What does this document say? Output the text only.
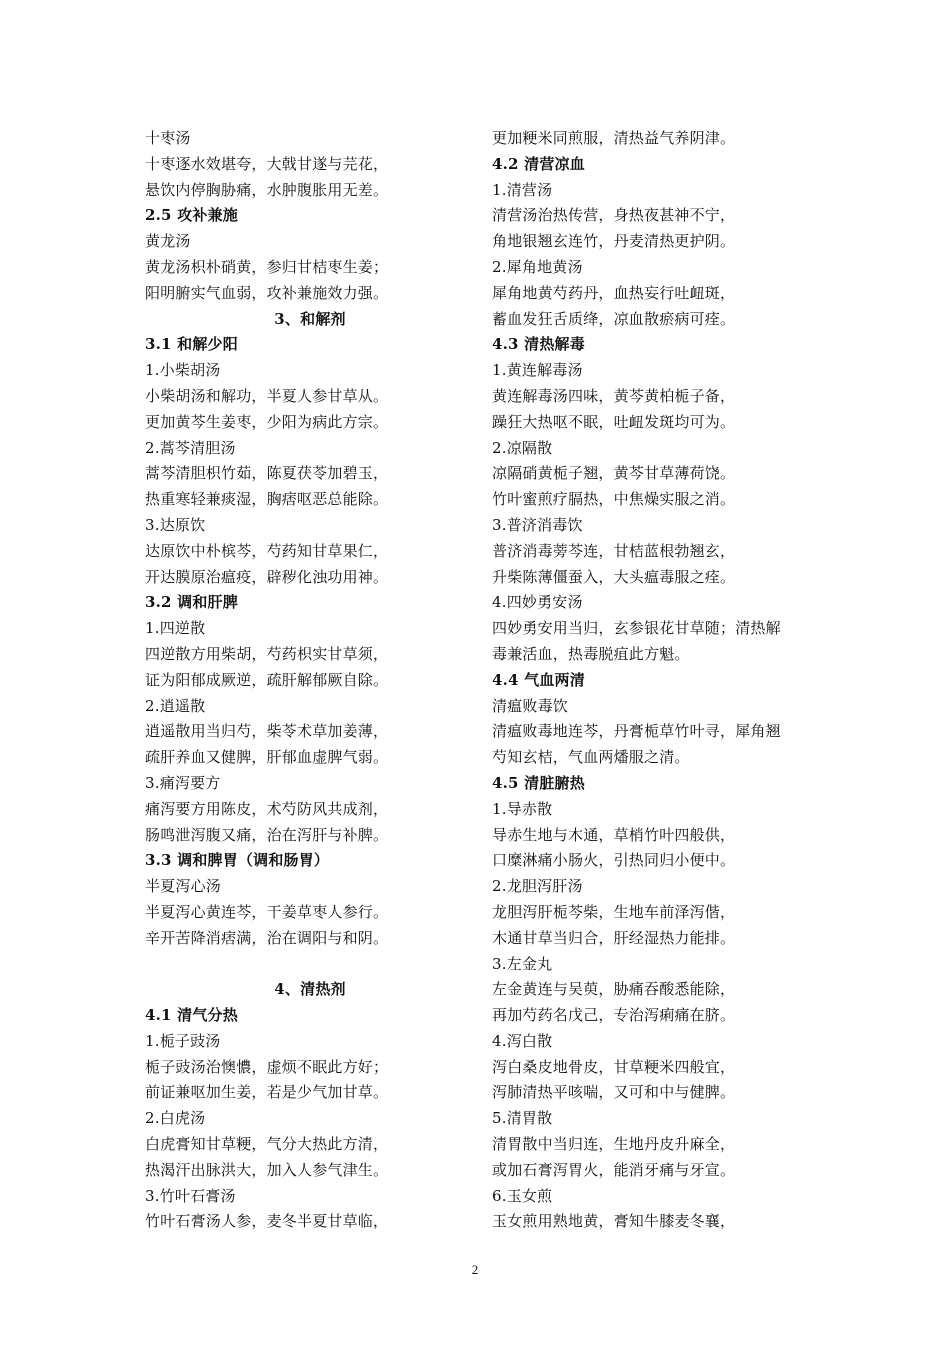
十枣汤
十枣逐水效堪夸，大戟甘遂与芫花，
悬饮内停胸胁痛，水肿腹胀用无差。
2.5 攻补兼施
黄龙汤
黄龙汤枳朴硝黄，参归甘桔枣生姜；
阳明腑实气血弱，攻补兼施效力强。
3、和解剂
3.1 和解少阳
1.小柴胡汤
小柴胡汤和解功，半夏人参甘草从。
更加黄芩生姜枣，少阳为病此方宗。
2.蒿芩清胆汤
蒿芩清胆枳竹茹，陈夏茯苓加碧玉，
热重寒轻兼痰湿，胸痞呕恶总能除。
3.达原饮
达原饮中朴槟芩，芍药知甘草果仁，
开达膜原治瘟疫，辟秽化浊功用神。
3.2 调和肝脾
1.四逆散
四逆散方用柴胡，芍药枳实甘草须，
证为阳郁成厥逆，疏肝解郁厥自除。
2.逍遥散
逍遥散用当归芍，柴苓术草加姜薄，
疏肝养血又健脾，肝郁血虚脾气弱。
3.痛泻要方
痛泻要方用陈皮，术芍防风共成剂，
肠鸣泄泻腹又痛，治在泻肝与补脾。
3.3 调和脾胃（调和肠胃）
半夏泻心汤
半夏泻心黄连芩，干姜草枣人参行。
辛开苦降消痞满，治在调阳与和阴。
4、清热剂
4.1 清气分热
1.栀子豉汤
栀子豉汤治懊憹，虚烦不眠此方好；
前证兼呕加生姜，若是少气加甘草。
2.白虎汤
白虎膏知甘草粳，气分大热此方清，
热渴汗出脉洪大，加入人参气津生。
3.竹叶石膏汤
竹叶石膏汤人参，麦冬半夏甘草临，
更加粳米同煎服，清热益气养阴津。
4.2 清营凉血
1.清营汤
清营汤治热传营，身热夜甚神不宁，
角地银翘玄连竹，丹麦清热更护阴。
2.犀角地黄汤
犀角地黄芍药丹，血热妄行吐衄斑，
蓄血发狂舌质绛，凉血散瘀病可痊。
4.3 清热解毒
1.黄连解毒汤
黄连解毒汤四味，黄芩黄柏栀子备，
躁狂大热呕不眠，吐衄发斑均可为。
2.凉隔散
凉隔硝黄栀子翘，黄芩甘草薄荷饶。
竹叶蜜煎疗膈热，中焦燥实服之消。
3.普济消毒饮
普济消毒蒡芩连，甘桔蓝根勃翘玄，
升柴陈薄僵蚕入，大头瘟毒服之痊。
4.四妙勇安汤
四妙勇安用当归，玄参银花甘草随；清热解
毒兼活血，热毒脱疽此方魁。
4.4 气血两清
清瘟败毒饮
清瘟败毒地连芩，丹膏栀草竹叶寻，犀角翘
芍知玄桔，气血两燔服之清。
4.5 清脏腑热
1.导赤散
导赤生地与木通，草梢竹叶四般供，
口糜淋痛小肠火，引热同归小便中。
2.龙胆泻肝汤
龙胆泻肝栀芩柴，生地车前泽泻偕，
木通甘草当归合，肝经湿热力能排。
3.左金丸
左金黄连与吴萸，胁痛吞酸悉能除，
再加芍药名戊己，专治泻痢痛在脐。
4.泻白散
泻白桑皮地骨皮，甘草粳米四般宜，
泻肺清热平咳喘，又可和中与健脾。
5.清胃散
清胃散中当归连，生地丹皮升麻全，
或加石膏泻胃火，能消牙痛与牙宣。
6.玉女煎
玉女煎用熟地黄，膏知牛膝麦冬襄，
2
